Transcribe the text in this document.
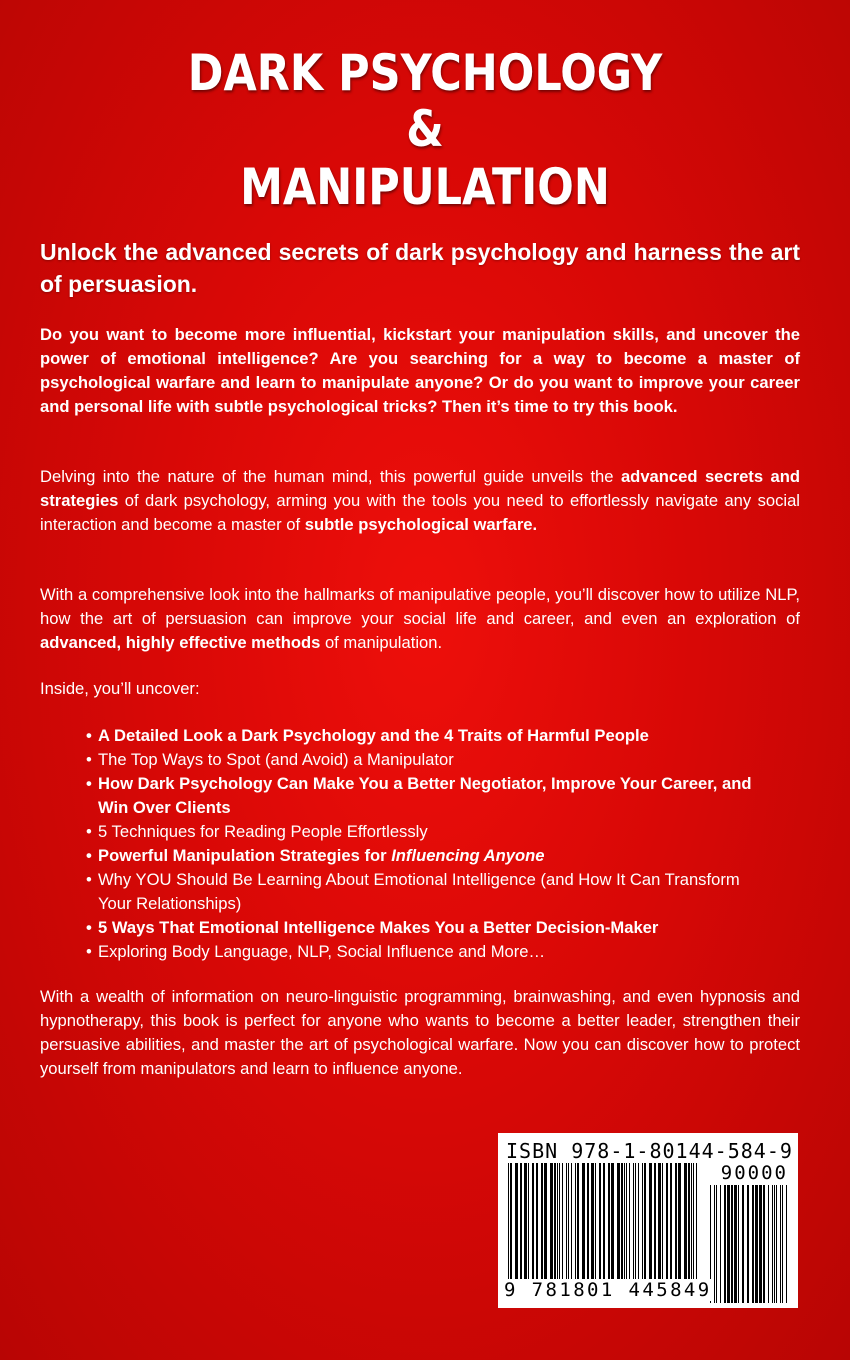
DARK PSYCHOLOGY
&
MANIPULATION
Unlock the advanced secrets of dark psychology and harness the art of persuasion.
Do you want to become more influential, kickstart your manipulation skills, and uncover the power of emotional intelligence? Are you searching for a way to become a master of psychological warfare and learn to manipulate anyone? Or do you want to improve your career and personal life with subtle psychological tricks? Then it’s time to try this book.
Delving into the nature of the human mind, this powerful guide unveils the advanced secrets and strategies of dark psychology, arming you with the tools you need to effortlessly navigate any social interaction and become a master of subtle psychological warfare.
With a comprehensive look into the hallmarks of manipulative people, you’ll discover how to utilize NLP, how the art of persuasion can improve your social life and career, and even an exploration of advanced, highly effective methods of manipulation.
Inside, you’ll uncover:
• A Detailed Look a Dark Psychology and the 4 Traits of Harmful People
• The Top Ways to Spot (and Avoid) a Manipulator
• How Dark Psychology Can Make You a Better Negotiator, Improve Your Career, and Win Over Clients
• 5 Techniques for Reading People Effortlessly
• Powerful Manipulation Strategies for Influencing Anyone
• Why YOU Should Be Learning About Emotional Intelligence (and How It Can Transform Your Relationships)
• 5 Ways That Emotional Intelligence Makes You a Better Decision-Maker
• Exploring Body Language, NLP, Social Influence and More…
With a wealth of information on neuro-linguistic programming, brainwashing, and even hypnosis and hypnotherapy, this book is perfect for anyone who wants to become a better leader, strengthen their persuasive abilities, and master the art of psychological warfare. Now you can discover how to protect yourself from manipulators and learn to influence anyone.
ISBN 978-1-80144-584-9
90000
9 781801 445849
